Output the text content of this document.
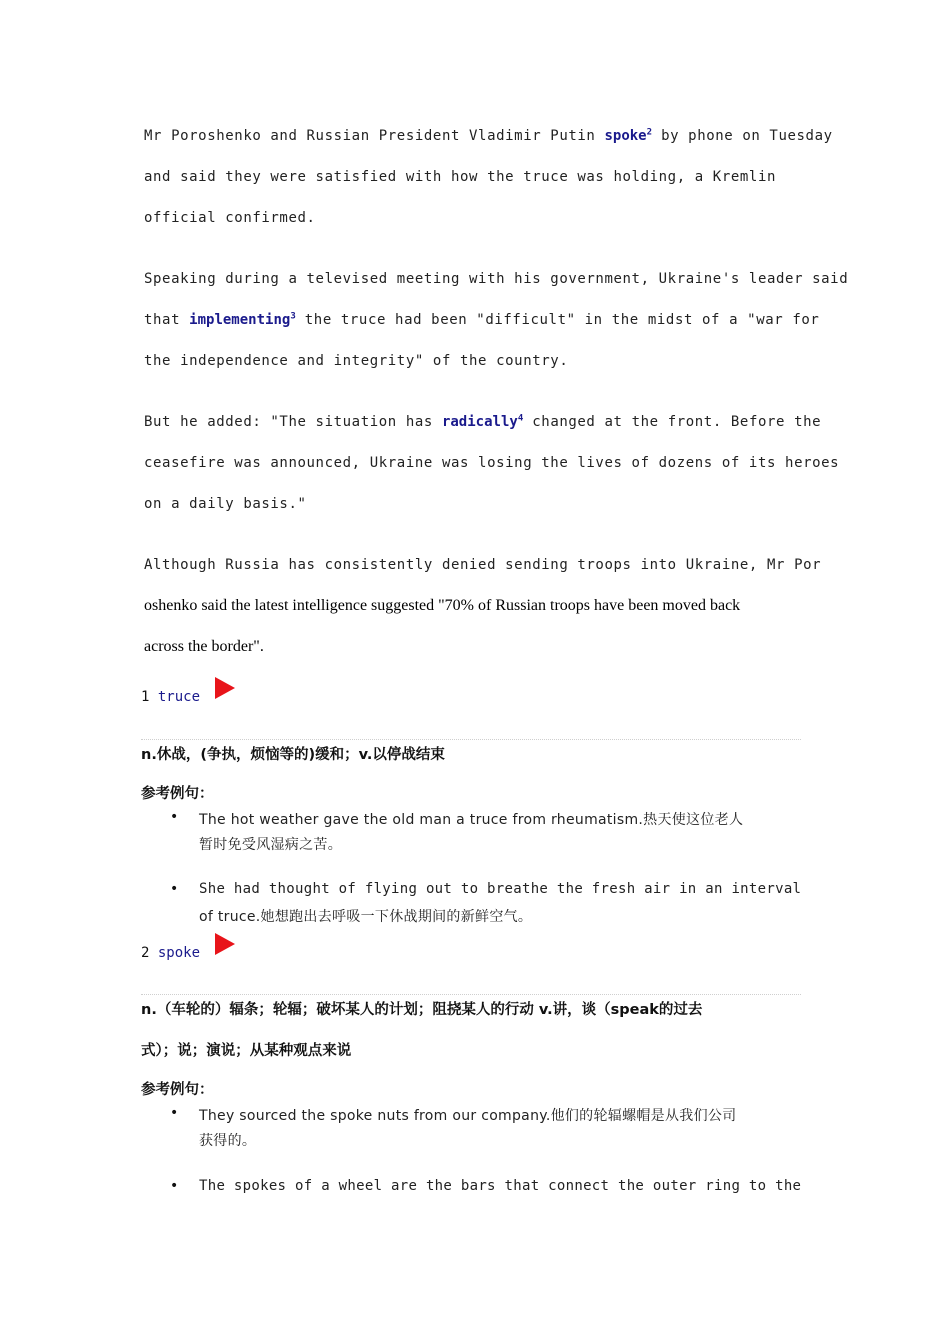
Mr Poroshenko and Russian President Vladimir Putin spoke$^2$ by phone on Tuesday
and said they were satisfied with how the truce was holding, a Kremlin
official confirmed.
Speaking during a televised meeting with his government, Ukraine's leader said
that implementing$^3$ the truce had been "difficult" in the midst of a "war for
the independence and integrity" of the country.
But he added: "The situation has radically$^4$ changed at the front. Before the
ceasefire was announced, Ukraine was losing the lives of dozens of its heroes
on a daily basis."
Although Russia has consistently denied sending troops into Ukraine, Mr Por
oshenko said the latest intelligence suggested "70% of Russian troops have been moved back
across the border".
1 truce
n.休战，(争执，烦恼等的)缓和；v.以停战结束
参考例句：
• The hot weather gave the old man a truce from rheumatism.热天使这位老人
暂时免受风湿病之苦。
• She had thought of flying out to breathe the fresh air in an interval
of truce.她想跑出去呼吸一下休战期间的新鲜空气。
2 spoke
n.（车轮的）辐条；轮辐；破坏某人的计划；阻挠某人的行动 v.讲，谈（speak的过去
式）；说；演说；从某种观点来说
参考例句：
• They sourced the spoke nuts from our company.他们的轮辐螺帽是从我们公司
获得的。
• The spokes of a wheel are the bars that connect the outer ring to the
